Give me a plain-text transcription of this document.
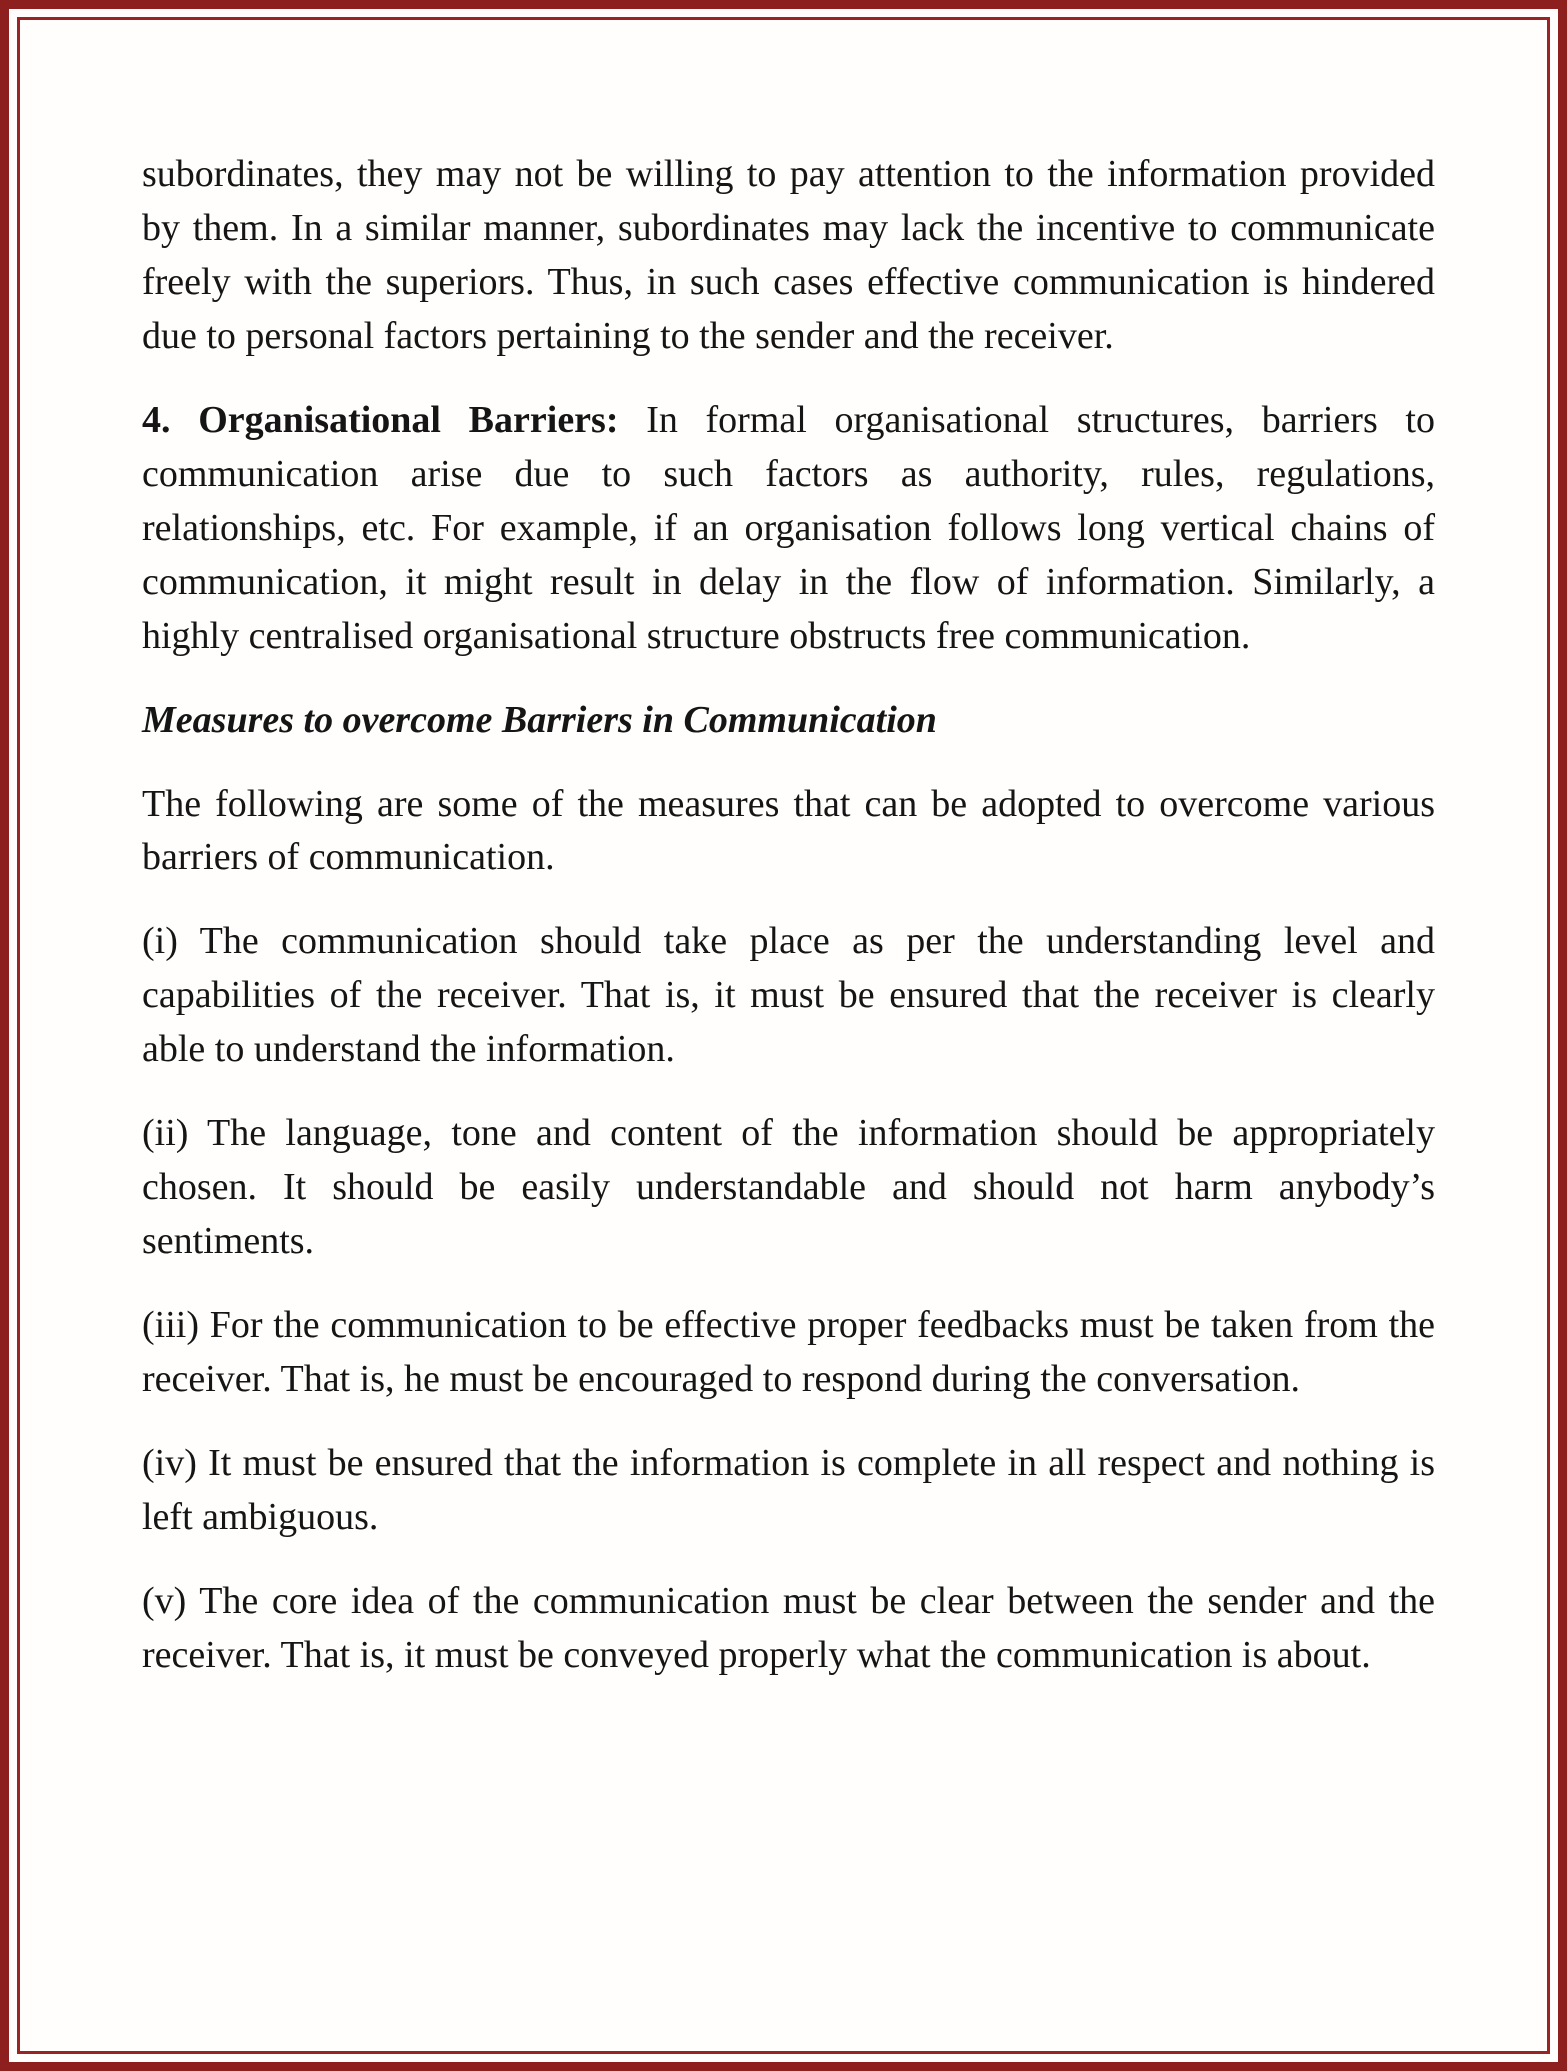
subordinates, they may not be willing to pay attention to the information provided by them. In a similar manner, subordinates may lack the incentive to communicate freely with the superiors. Thus, in such cases effective communication is hindered due to personal factors pertaining to the sender and the receiver.

4. Organisational Barriers: In formal organisational structures, barriers to communication arise due to such factors as authority, rules, regulations, relationships, etc. For example, if an organisation follows long vertical chains of communication, it might result in delay in the flow of information. Similarly, a highly centralised organisational structure obstructs free communication.

Measures to overcome Barriers in Communication

The following are some of the measures that can be adopted to overcome various barriers of communication.

(i) The communication should take place as per the understanding level and capabilities of the receiver. That is, it must be ensured that the receiver is clearly able to understand the information.

(ii) The language, tone and content of the information should be appropriately chosen. It should be easily understandable and should not harm anybody’s sentiments.

(iii) For the communication to be effective proper feedbacks must be taken from the receiver. That is, he must be encouraged to respond during the conversation.

(iv) It must be ensured that the information is complete in all respect and nothing is left ambiguous.

(v) The core idea of the communication must be clear between the sender and the receiver. That is, it must be conveyed properly what the communication is about.
